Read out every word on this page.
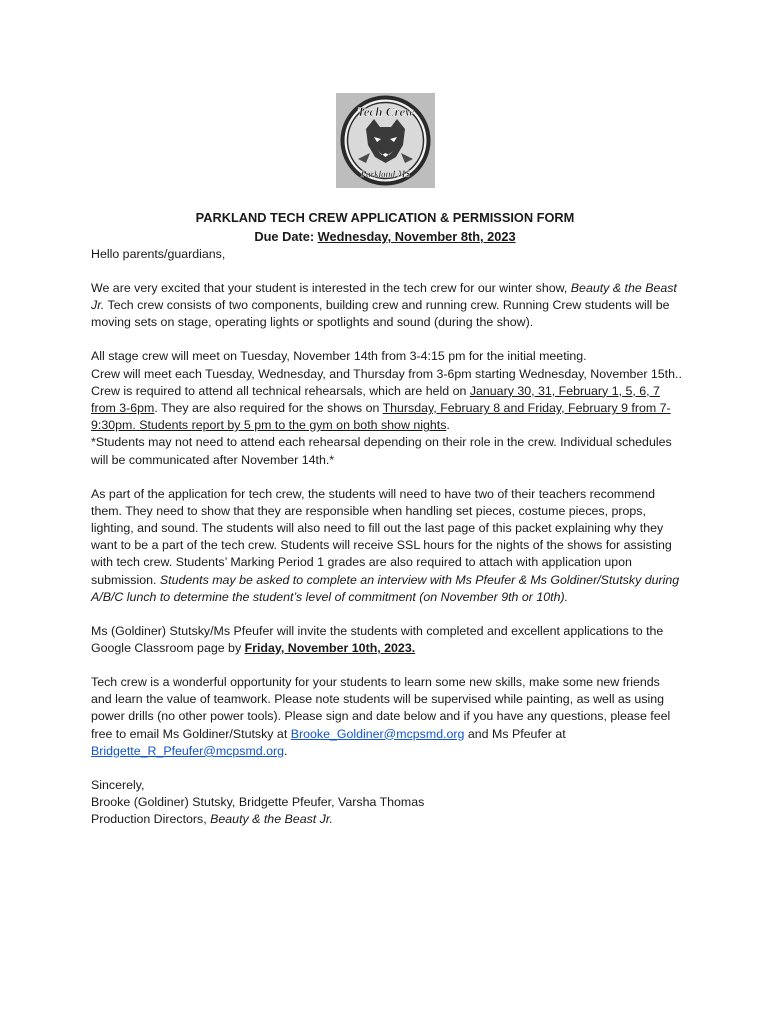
Tech Crew
Parkland MS
PARKLAND TECH CREW APPLICATION & PERMISSION FORM
Due Date: Wednesday, November 8th, 2023

Hello parents/guardians,

We are very excited that your student is interested in the tech crew for our winter show, Beauty & the Beast Jr. Tech crew consists of two components, building crew and running crew. Running Crew students will be moving sets on stage, operating lights or spotlights and sound (during the show).

All stage crew will meet on Tuesday, November 14th from 3-4:15 pm for the initial meeting.

Crew will meet each Tuesday, Wednesday, and Thursday from 3-6pm starting Wednesday, November 15th.. Crew is required to attend all technical rehearsals, which are held on January 30, 31, February 1, 5, 6, 7 from 3-6pm. They are also required for the shows on Thursday, February 8 and Friday, February 9 from 7-9:30pm. Students report by 5 pm to the gym on both show nights.

*Students may not need to attend each rehearsal depending on their role in the crew. Individual schedules will be communicated after November 14th.*

As part of the application for tech crew, the students will need to have two of their teachers recommend them. They need to show that they are responsible when handling set pieces, costume pieces, props, lighting, and sound. The students will also need to fill out the last page of this packet explaining why they want to be a part of the tech crew. Students will receive SSL hours for the nights of the shows for assisting with tech crew. Students’ Marking Period 1 grades are also required to attach with application upon submission. Students may be asked to complete an interview with Ms Pfeufer & Ms Goldiner/Stutsky during A/B/C lunch to determine the student’s level of commitment (on November 9th or 10th).

Ms (Goldiner) Stutsky/Ms Pfeufer will invite the students with completed and excellent applications to the Google Classroom page by Friday, November 10th, 2023.

Tech crew is a wonderful opportunity for your students to learn some new skills, make some new friends and learn the value of teamwork. Please note students will be supervised while painting, as well as using power drills (no other power tools). Please sign and date below and if you have any questions, please feel free to email Ms Goldiner/Stutsky at Brooke_Goldiner@mcpsmd.org and Ms Pfeufer at Bridgette_R_Pfeufer@mcpsmd.org.

Sincerely,

Brooke (Goldiner) Stutsky, Bridgette Pfeufer, Varsha Thomas

Production Directors, Beauty & the Beast Jr.
